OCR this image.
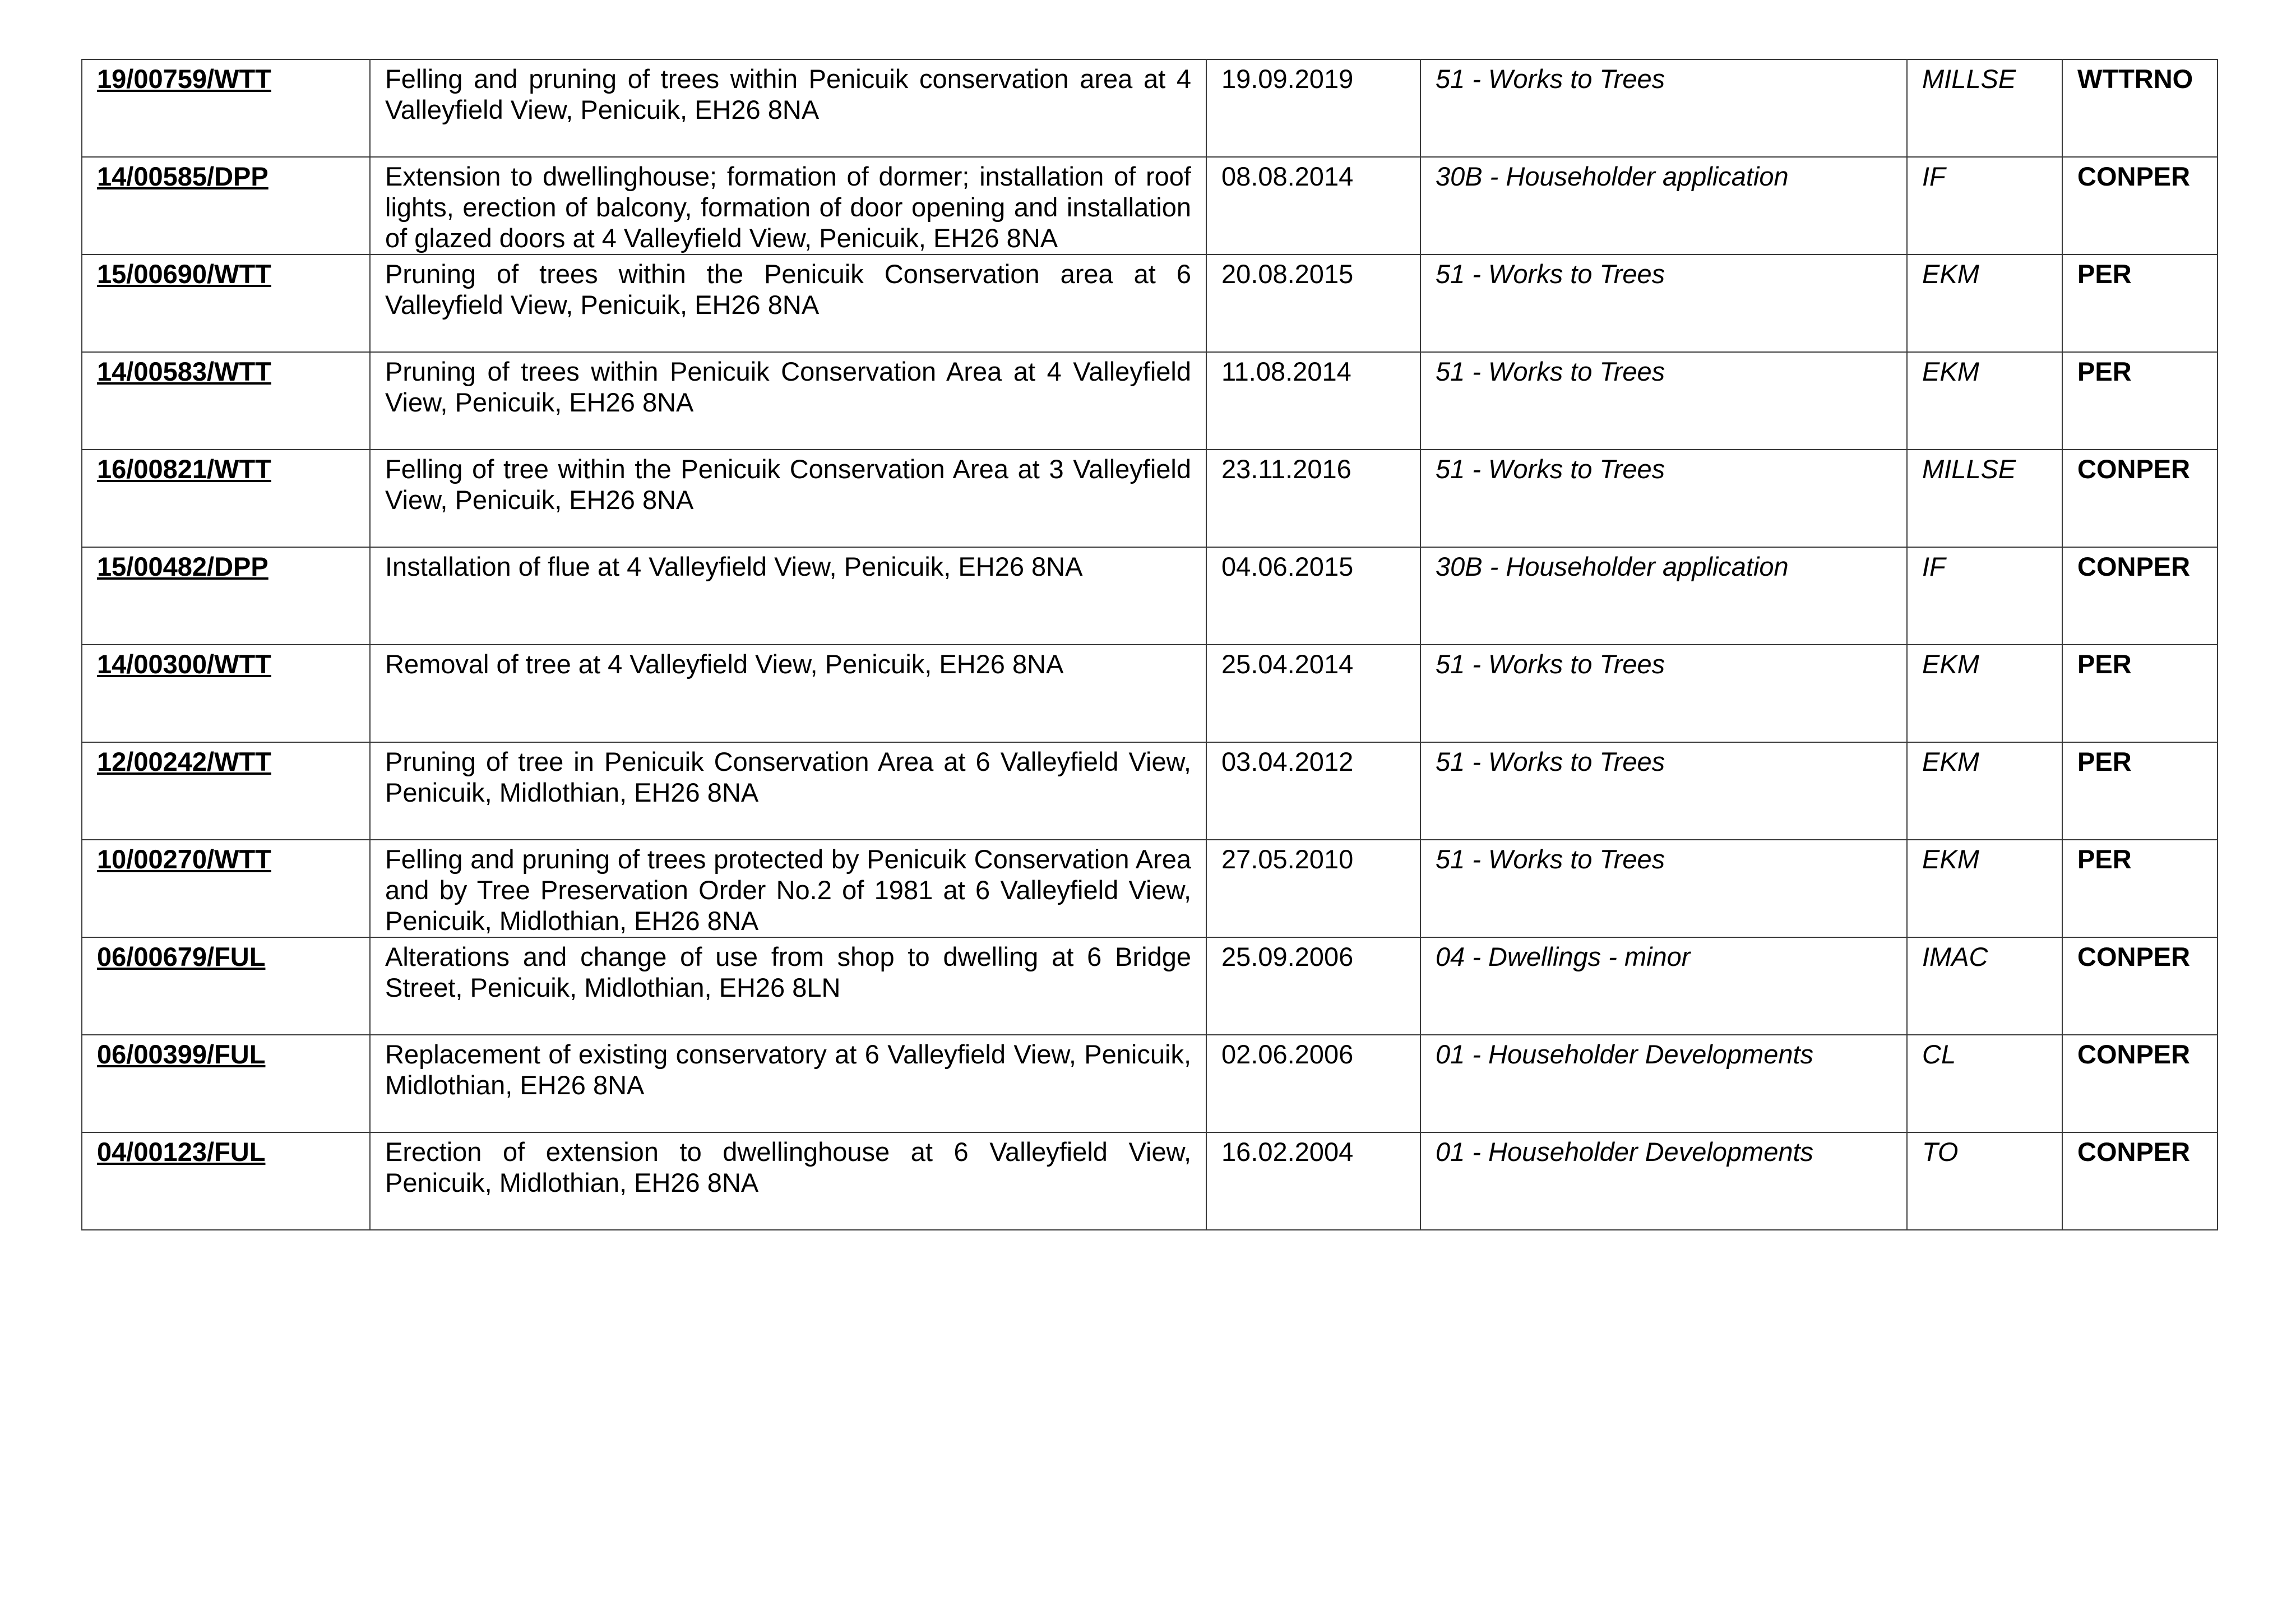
19/00759/WTT	Felling and pruning of trees within Penicuik conservation area at 4 Valleyfield View, Penicuik, EH26 8NA	19.09.2019	51 - Works to Trees	MILLSE	WTTRNO
14/00585/DPP	Extension to dwellinghouse; formation of dormer; installation of roof lights, erection of balcony, formation of door opening and installation of glazed doors at 4 Valleyfield View, Penicuik, EH26 8NA	08.08.2014	30B - Householder application	IF	CONPER
15/00690/WTT	Pruning of trees within the Penicuik Conservation area at 6 Valleyfield View, Penicuik, EH26 8NA	20.08.2015	51 - Works to Trees	EKM	PER
14/00583/WTT	Pruning of trees within Penicuik Conservation Area at 4 Valleyfield View, Penicuik, EH26 8NA	11.08.2014	51 - Works to Trees	EKM	PER
16/00821/WTT	Felling of tree within the Penicuik Conservation Area at 3 Valleyfield View, Penicuik, EH26 8NA	23.11.2016	51 - Works to Trees	MILLSE	CONPER
15/00482/DPP	Installation of flue at 4 Valleyfield View, Penicuik, EH26 8NA	04.06.2015	30B - Householder application	IF	CONPER
14/00300/WTT	Removal of tree at 4 Valleyfield View, Penicuik, EH26 8NA	25.04.2014	51 - Works to Trees	EKM	PER
12/00242/WTT	Pruning of tree in Penicuik Conservation Area at 6 Valleyfield View, Penicuik, Midlothian, EH26 8NA	03.04.2012	51 - Works to Trees	EKM	PER
10/00270/WTT	Felling and pruning of trees protected by Penicuik Conservation Area and by Tree Preservation Order No.2 of 1981 at 6 Valleyfield View, Penicuik, Midlothian, EH26 8NA	27.05.2010	51 - Works to Trees	EKM	PER
06/00679/FUL	Alterations and change of use from shop to dwelling at 6 Bridge Street, Penicuik, Midlothian, EH26 8LN	25.09.2006	04 - Dwellings - minor	IMAC	CONPER
06/00399/FUL	Replacement of existing conservatory at 6 Valleyfield View, Penicuik, Midlothian, EH26 8NA	02.06.2006	01 - Householder Developments	CL	CONPER
04/00123/FUL	Erection of extension to dwellinghouse at 6 Valleyfield View, Penicuik, Midlothian, EH26 8NA	16.02.2004	01 - Householder Developments	TO	CONPER
